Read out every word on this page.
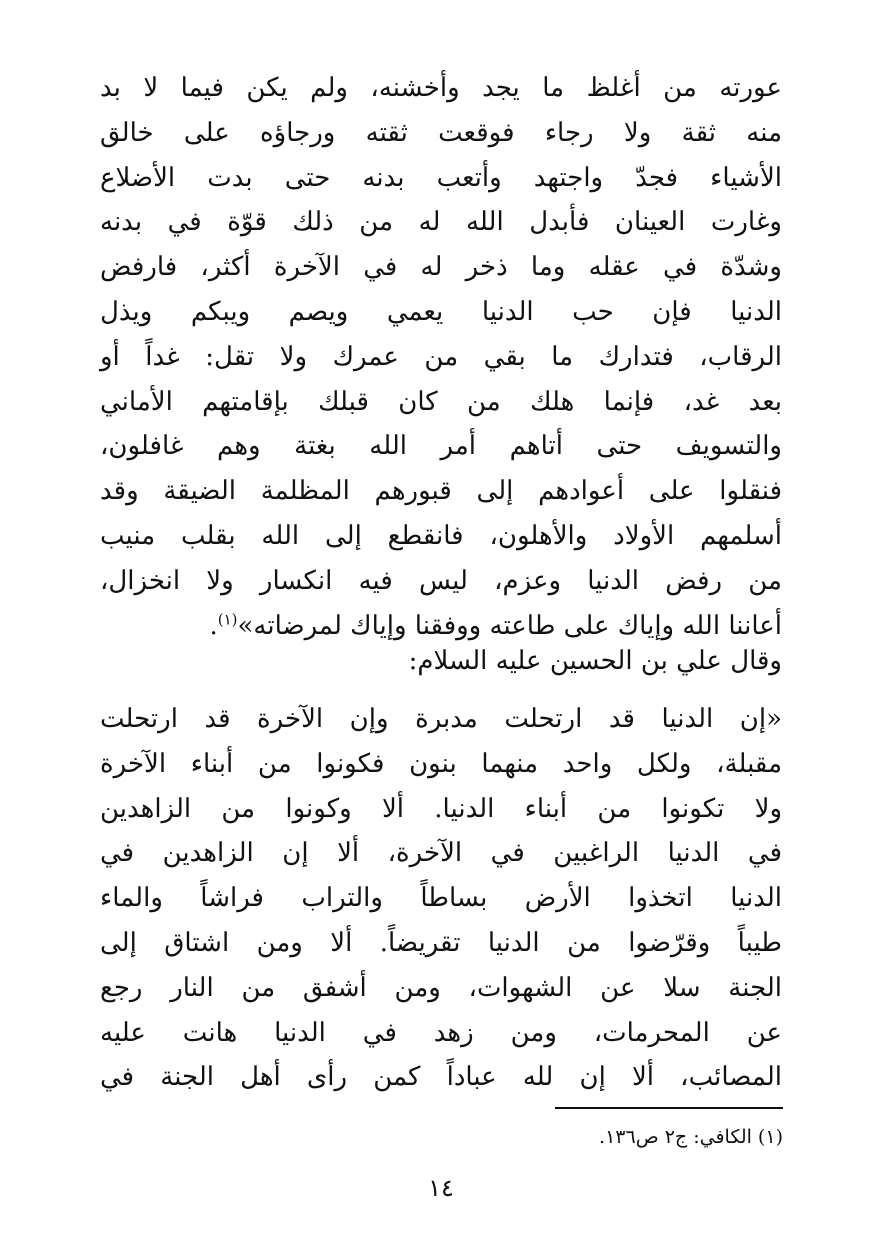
عورته من أغلظ ما يجد وأخشنه، ولم يكن فيما لا بد
منه ثقة ولا رجاء فوقعت ثقته ورجاؤه على خالق
الأشياء فجدّ واجتهد وأتعب بدنه حتى بدت الأضلاع
وغارت العينان فأبدل الله له من ذلك قوّة في بدنه
وشدّة في عقله وما ذخر له في الآخرة أكثر، فارفض
الدنيا فإن حب الدنيا يعمي ويصم ويبكم ويذل
الرقاب، فتدارك ما بقي من عمرك ولا تقل: غداً أو
بعد غد، فإنما هلك من كان قبلك بإقامتهم الأماني
والتسويف حتى أتاهم أمر الله بغتة وهم غافلون،
فنقلوا على أعوادهم إلى قبورهم المظلمة الضيقة وقد
أسلمهم الأولاد والأهلون، فانقطع إلى الله بقلب منيب
من رفض الدنيا وعزم، ليس فيه انكسار ولا انخزال،
أعاننا الله وإياك على طاعته ووفقنا وإياك لمرضاته»$^{(١)}$.
وقال علي بن الحسين عليه السلام:
«إن الدنيا قد ارتحلت مدبرة وإن الآخرة قد ارتحلت
مقبلة، ولكل واحد منهما بنون فكونوا من أبناء الآخرة
ولا تكونوا من أبناء الدنيا. ألا وكونوا من الزاهدين
في الدنيا الراغبين في الآخرة، ألا إن الزاهدين في
الدنيا اتخذوا الأرض بساطاً والتراب فراشاً والماء
طيباً وقرّضوا من الدنيا تقريضاً. ألا ومن اشتاق إلى
الجنة سلا عن الشهوات، ومن أشفق من النار رجع
عن المحرمات، ومن زهد في الدنيا هانت عليه
المصائب، ألا إن لله عباداً كمن رأى أهل الجنة في
(١) الكافي: ج٢ ص١٣٦.
١٤
